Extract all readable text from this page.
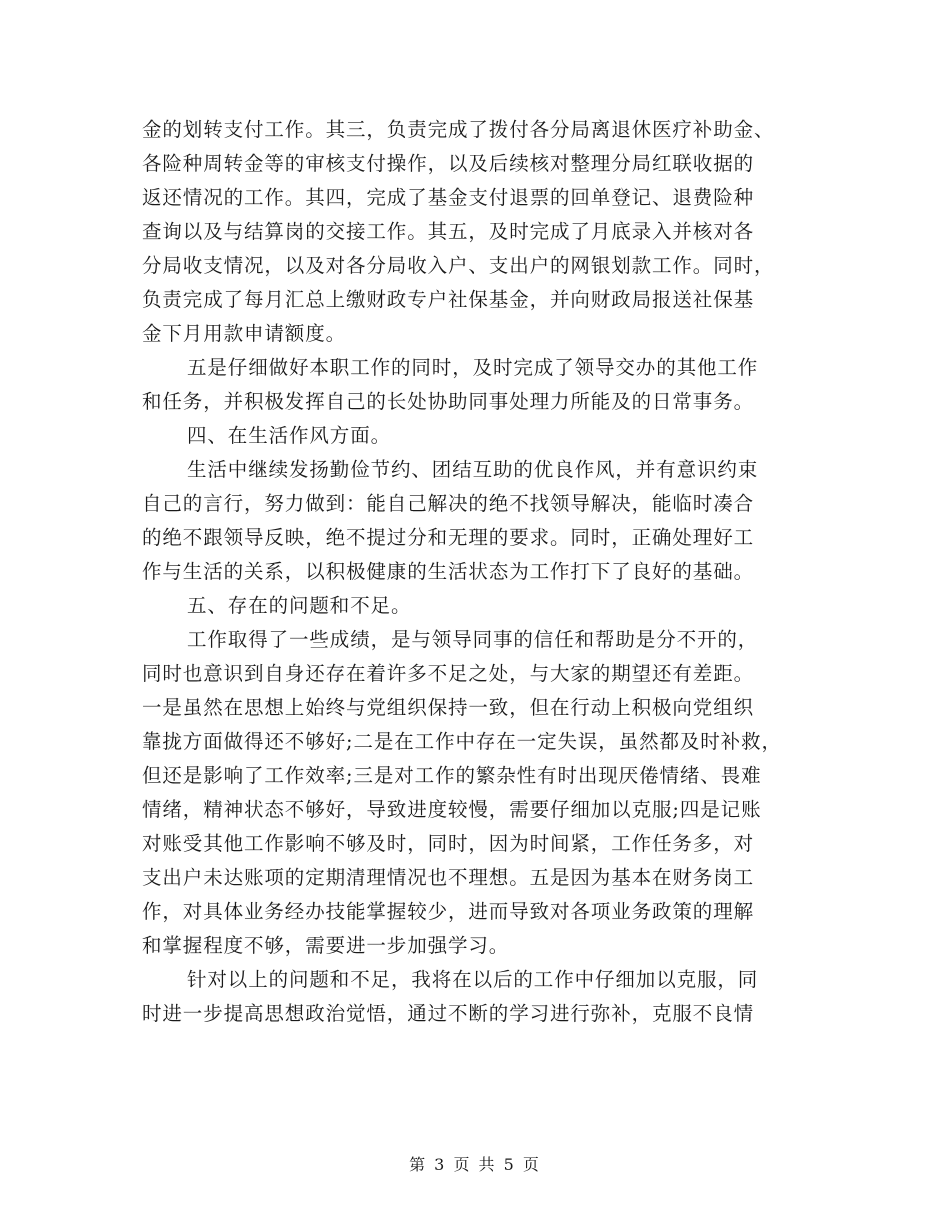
金的划转支付工作。其三，负责完成了拨付各分局离退休医疗补助金、
各险种周转金等的审核支付操作，以及后续核对整理分局红联收据的
返还情况的工作。其四，完成了基金支付退票的回单登记、退费险种
查询以及与结算岗的交接工作。其五，及时完成了月底录入并核对各
分局收支情况，以及对各分局收入户、支出户的网银划款工作。同时，
负责完成了每月汇总上缴财政专户社保基金，并向财政局报送社保基
金下月用款申请额度。
五是仔细做好本职工作的同时，及时完成了领导交办的其他工作
和任务，并积极发挥自己的长处协助同事处理力所能及的日常事务。
四、在生活作风方面。
生活中继续发扬勤俭节约、团结互助的优良作风，并有意识约束
自己的言行，努力做到：能自己解决的绝不找领导解决，能临时凑合
的绝不跟领导反映，绝不提过分和无理的要求。同时，正确处理好工
作与生活的关系，以积极健康的生活状态为工作打下了良好的基础。
五、存在的问题和不足。
工作取得了一些成绩，是与领导同事的信任和帮助是分不开的，
同时也意识到自身还存在着许多不足之处，与大家的期望还有差距。
一是虽然在思想上始终与党组织保持一致，但在行动上积极向党组织
靠拢方面做得还不够好;二是在工作中存在一定失误，虽然都及时补救，
但还是影响了工作效率;三是对工作的繁杂性有时出现厌倦情绪、畏难
情绪，精神状态不够好，导致进度较慢，需要仔细加以克服;四是记账
对账受其他工作影响不够及时，同时，因为时间紧，工作任务多，对
支出户未达账项的定期清理情况也不理想。五是因为基本在财务岗工
作，对具体业务经办技能掌握较少，进而导致对各项业务政策的理解
和掌握程度不够，需要进一步加强学习。
针对以上的问题和不足，我将在以后的工作中仔细加以克服，同
时进一步提高思想政治觉悟，通过不断的学习进行弥补，克服不良情
第 3 页 共 5 页
